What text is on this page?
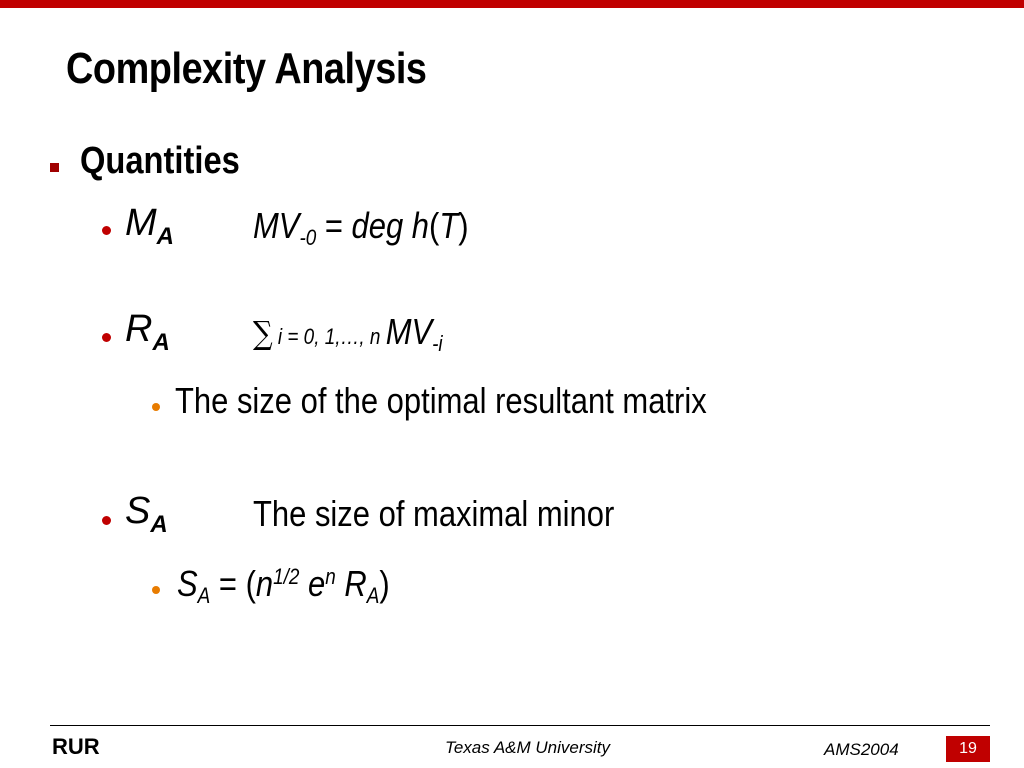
Complexity Analysis
Quantities
$M_A$ $MV_{-0}$ = deg h(T)
$R_A$	∑ i = 0, 1,…, n $MV_{-i}$
The size of the optimal resultant matrix
$S_A$ The size of maximal minor
$S_A = (n^{1/2}$ $e^n$ $R_A$)
RUR	Texas A&M University	AMS2004	19
